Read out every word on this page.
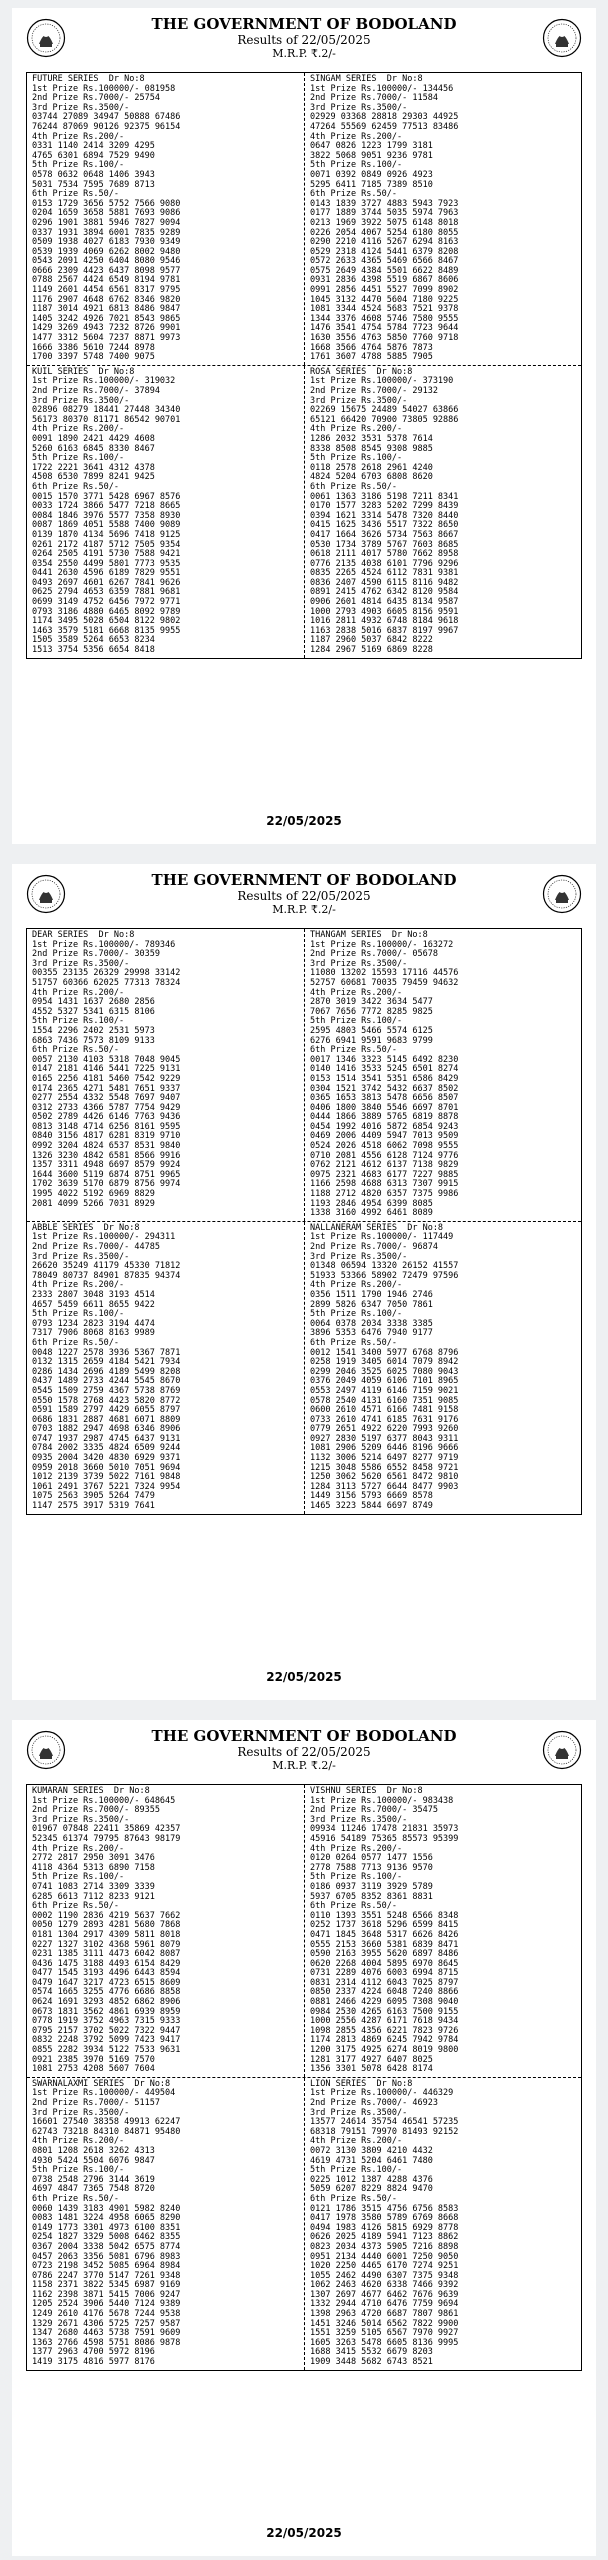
THE GOVERNMENT OF BODOLAND
Results of 22/05/2025
M.R.P. ₹.2/-
FUTURE SERIES  Dr No:8
1st Prize Rs.100000/- 081958
2nd Prize Rs.7000/- 25754
3rd Prize Rs.3500/-
03744 27089 34947 50888 67486
76244 87069 90126 92375 96154
4th Prize Rs.200/-
0331 1140 2414 3209 4295
4765 6301 6894 7529 9490
5th Prize Rs.100/-
0578 0632 0648 1406 3943
5031 7534 7595 7689 8713
6th Prize Rs.50/-
0153 1729 3656 5752 7566 9080
0204 1659 3658 5881 7693 9086
0296 1901 3881 5946 7827 9094
0337 1931 3894 6001 7835 9289
0509 1938 4027 6183 7930 9349
0539 1939 4069 6262 8002 9480
0543 2091 4250 6404 8080 9546
0666 2309 4423 6437 8098 9577
0788 2567 4424 6549 8194 9781
1149 2601 4454 6561 8317 9795
1176 2907 4648 6762 8346 9820
1187 3014 4921 6813 8486 9847
1405 3242 4926 7021 8543 9865
1429 3269 4943 7232 8726 9901
1477 3312 5604 7237 8871 9973
1666 3386 5610 7244 8978
1700 3397 5748 7400 9075
SINGAM SERIES  Dr No:8
1st Prize Rs.100000/- 134456
2nd Prize Rs.7000/- 11584
3rd Prize Rs.3500/-
02929 03368 28818 29303 44925
47264 55569 62459 77513 83486
4th Prize Rs.200/-
0647 0826 1223 1799 3181
3822 5068 9051 9236 9781
5th Prize Rs.100/-
0071 0392 0849 0926 4923
5295 6411 7185 7389 8510
6th Prize Rs.50/-
0143 1839 3727 4883 5943 7923
0177 1889 3744 5035 5974 7963
0213 1969 3922 5075 6148 8018
0226 2054 4067 5254 6180 8055
0290 2210 4116 5267 6294 8163
0529 2318 4124 5441 6379 8208
0572 2633 4365 5469 6566 8467
0575 2649 4384 5501 6622 8489
0931 2836 4398 5519 6867 8606
0991 2856 4451 5527 7099 8902
1045 3132 4470 5604 7180 9225
1081 3344 4524 5683 7521 9378
1344 3376 4608 5746 7580 9555
1476 3541 4754 5784 7723 9644
1630 3556 4763 5850 7760 9718
1668 3566 4764 5876 7873
1761 3607 4788 5885 7905
KUIL SERIES  Dr No:8
1st Prize Rs.100000/- 319032
2nd Prize Rs.7000/- 37894
3rd Prize Rs.3500/-
02896 08279 18441 27448 34340
56173 80370 81171 86542 90701
4th Prize Rs.200/-
0091 1890 2421 4429 4608
5260 6163 6845 8330 8467
5th Prize Rs.100/-
1722 2221 3641 4312 4378
4508 6530 7899 8241 9425
6th Prize Rs.50/-
0015 1570 3771 5428 6967 8576
0033 1724 3866 5477 7218 8665
0084 1846 3976 5577 7358 8930
0087 1869 4051 5588 7400 9089
0139 1870 4134 5696 7418 9125
0261 2172 4187 5712 7505 9354
0264 2505 4191 5730 7588 9421
0354 2550 4499 5801 7773 9535
0441 2630 4596 6189 7829 9551
0493 2697 4601 6267 7841 9626
0625 2794 4653 6359 7881 9681
0699 3149 4752 6456 7972 9771
0793 3186 4880 6465 8092 9789
1174 3495 5028 6504 8122 9802
1463 3579 5181 6668 8135 9955
1505 3589 5264 6653 8234
1513 3754 5356 6654 8418
ROSA SERIES  Dr No:8
1st Prize Rs.100000/- 373190
2nd Prize Rs.7000/- 29132
3rd Prize Rs.3500/-
02269 15675 24489 54027 63866
65121 66420 70900 73805 92886
4th Prize Rs.200/-
1286 2032 3531 5378 7614
8338 8508 8545 9308 9885
5th Prize Rs.100/-
0118 2578 2618 2961 4240
4824 5204 6703 6808 8620
6th Prize Rs.50/-
0061 1363 3186 5198 7211 8341
0170 1577 3283 5202 7299 8439
0394 1621 3314 5478 7320 8440
0415 1625 3436 5517 7322 8650
0417 1664 3626 5734 7563 8667
0530 1734 3789 5767 7603 8685
0618 2111 4017 5780 7662 8958
0776 2135 4038 6101 7796 9296
0835 2265 4524 6112 7831 9381
0836 2407 4590 6115 8116 9482
0891 2415 4762 6342 8120 9584
0906 2601 4814 6435 8134 9587
1000 2793 4903 6605 8156 9591
1016 2811 4932 6748 8184 9618
1163 2838 5016 6837 8197 9967
1187 2960 5037 6842 8222
1284 2967 5169 6869 8228
22/05/2025
THE GOVERNMENT OF BODOLAND
Results of 22/05/2025
M.R.P. ₹.2/-
DEAR SERIES  Dr No:8
1st Prize Rs.100000/- 789346
2nd Prize Rs.7000/- 30359
3rd Prize Rs.3500/-
00355 23135 26329 29998 33142
51757 60366 62025 77313 78324
4th Prize Rs.200/-
0954 1431 1637 2680 2856
4552 5327 5341 6315 8106
5th Prize Rs.100/-
1554 2296 2402 2531 5973
6863 7436 7573 8109 9133
6th Prize Rs.50/-
0057 2130 4103 5318 7048 9045
0147 2181 4146 5441 7225 9131
0165 2256 4181 5460 7542 9229
0174 2365 4271 5481 7651 9337
0277 2554 4332 5548 7697 9407
0312 2733 4366 5787 7754 9429
0502 2789 4426 6146 7763 9436
0813 3148 4714 6256 8161 9595
0840 3156 4817 6281 8319 9710
0992 3204 4824 6537 8531 9840
1326 3230 4842 6581 8566 9916
1357 3311 4948 6697 8579 9924
1644 3600 5119 6874 8751 9965
1702 3639 5170 6879 8756 9974
1995 4022 5192 6969 8829
2081 4099 5266 7031 8929
THANGAM SERIES  Dr No:8
1st Prize Rs.100000/- 163272
2nd Prize Rs.7000/- 05678
3rd Prize Rs.3500/-
11080 13202 15593 17116 44576
52757 60681 70035 79459 94632
4th Prize Rs.200/-
2870 3019 3422 3634 5477
7067 7656 7772 8285 9825
5th Prize Rs.100/-
2595 4803 5466 5574 6125
6276 6941 9591 9683 9799
6th Prize Rs.50/-
0017 1346 3323 5145 6492 8230
0140 1416 3533 5245 6501 8274
0153 1514 3541 5351 6586 8429
0304 1521 3742 5432 6637 8502
0365 1653 3813 5478 6656 8507
0406 1800 3840 5546 6697 8701
0444 1866 3889 5765 6819 8878
0454 1992 4016 5872 6854 9243
0469 2006 4409 5947 7013 9509
0524 2026 4518 6062 7098 9555
0710 2081 4556 6128 7124 9776
0762 2121 4612 6137 7138 9829
0975 2321 4683 6177 7227 9885
1166 2598 4688 6313 7307 9915
1188 2712 4820 6357 7375 9986
1193 2846 4954 6399 8085
1338 3160 4992 6461 8089
ABBLE SERIES  Dr No:8
1st Prize Rs.100000/- 294311
2nd Prize Rs.7000/- 44785
3rd Prize Rs.3500/-
26620 35249 41179 45330 71812
78049 80737 84901 87835 94374
4th Prize Rs.200/-
2333 2807 3048 3193 4514
4657 5459 6611 8655 9422
5th Prize Rs.100/-
0793 1234 2823 3194 4474
7317 7906 8068 8163 9989
6th Prize Rs.50/-
0048 1227 2578 3936 5367 7871
0132 1315 2659 4184 5421 7934
0286 1434 2696 4189 5499 8208
0437 1489 2733 4244 5545 8670
0545 1509 2759 4367 5738 8769
0550 1578 2768 4423 5820 8772
0591 1589 2797 4429 6055 8797
0686 1831 2887 4681 6071 8809
0703 1882 2947 4698 6346 8906
0747 1937 2987 4745 6437 9131
0784 2002 3335 4824 6509 9244
0935 2004 3420 4830 6929 9371
0959 2018 3660 5010 7051 9694
1012 2139 3739 5022 7161 9848
1061 2491 3767 5221 7324 9954
1075 2563 3905 5264 7479
1147 2575 3917 5319 7641
NALLANERAM SERIES  Dr No:8
1st Prize Rs.100000/- 117449
2nd Prize Rs.7000/- 96874
3rd Prize Rs.3500/-
01348 06594 13320 26152 41557
51933 53366 58902 72479 97596
4th Prize Rs.200/-
0356 1511 1790 1946 2746
2899 5826 6347 7050 7861
5th Prize Rs.100/-
0064 0378 2034 3338 3385
3896 5353 6476 7940 9177
6th Prize Rs.50/-
0012 1541 3400 5977 6768 8796
0258 1919 3405 6014 7079 8942
0299 2046 3525 6025 7080 9043
0376 2049 4059 6106 7101 8965
0553 2497 4119 6146 7159 9021
0578 2540 4131 6160 7351 9085
0600 2610 4571 6166 7481 9158
0733 2610 4741 6185 7631 9176
0779 2651 4922 6220 7993 9260
0927 2830 5197 6377 8043 9311
1081 2906 5209 6446 8196 9666
1132 3006 5214 6497 8277 9719
1215 3048 5586 6552 8458 9721
1250 3062 5620 6561 8472 9810
1284 3113 5727 6644 8477 9903
1449 3156 5793 6669 8578
1465 3223 5844 6697 8749
22/05/2025
THE GOVERNMENT OF BODOLAND
Results of 22/05/2025
M.R.P. ₹.2/-
KUMARAN SERIES  Dr No:8
1st Prize Rs.100000/- 648645
2nd Prize Rs.7000/- 89355
3rd Prize Rs.3500/-
01967 07848 22411 35869 42357
52345 61374 79795 87643 98179
4th Prize Rs.200/-
2772 2817 2950 3091 3476
4118 4364 5313 6890 7158
5th Prize Rs.100/-
0741 1083 2714 3309 3339
6285 6613 7112 8233 9121
6th Prize Rs.50/-
0002 1190 2836 4219 5637 7662
0050 1279 2893 4281 5680 7868
0181 1304 2917 4309 5811 8018
0227 1327 3102 4368 5961 8079
0231 1385 3111 4473 6042 8087
0436 1475 3188 4493 6154 8429
0477 1545 3193 4496 6443 8594
0479 1647 3217 4723 6515 8609
0574 1665 3255 4776 6686 8858
0624 1691 3293 4852 6862 8906
0673 1831 3562 4861 6939 8959
0778 1919 3752 4963 7315 9333
0795 2157 3702 5022 7322 9447
0832 2248 3792 5099 7423 9417
0855 2282 3934 5122 7533 9631
0921 2385 3970 5169 7570
1081 2753 4208 5607 7604
VISHNU SERIES  Dr No:8
1st Prize Rs.100000/- 983438
2nd Prize Rs.7000/- 35475
3rd Prize Rs.3500/-
09934 11246 17478 21831 35973
45916 54189 75365 85573 95399
4th Prize Rs.200/-
0120 0264 0577 1477 1556
2778 7588 7713 9136 9570
5th Prize Rs.100/-
0186 0937 3119 3929 5789
5937 6705 8352 8361 8831
6th Prize Rs.50/-
0110 1393 3551 5248 6566 8348
0252 1737 3618 5296 6599 8415
0471 1845 3648 5317 6626 8426
0555 2153 3660 5381 6839 8471
0590 2163 3955 5620 6897 8486
0620 2268 4004 5895 6970 8645
0731 2289 4076 6003 6994 8715
0831 2314 4112 6043 7025 8797
0850 2337 4224 6048 7240 8866
0881 2466 4229 6095 7308 9040
0984 2530 4265 6163 7500 9155
1000 2556 4287 6171 7618 9434
1098 2855 4356 6221 7823 9726
1174 2813 4869 6245 7942 9784
1200 3175 4925 6274 8019 9800
1281 3177 4927 6407 8025
1356 3301 5078 6428 8174
SWARNALAXMI SERIES  Dr No:8
1st Prize Rs.100000/- 449504
2nd Prize Rs.7000/- 51157
3rd Prize Rs.3500/-
16601 27540 38358 49913 62247
62743 73218 84310 84871 95480
4th Prize Rs.200/-
0801 1208 2618 3262 4313
4930 5424 5504 6076 9847
5th Prize Rs.100/-
0738 2548 2796 3144 3619
4697 4847 7365 7548 8720
6th Prize Rs.50/-
0060 1439 3183 4901 5982 8240
0083 1481 3224 4958 6065 8290
0149 1773 3301 4973 6100 8351
0254 1827 3329 5008 6462 8355
0367 2004 3338 5042 6575 8774
0457 2063 3356 5081 6796 8983
0723 2198 3452 5085 6964 8984
0786 2247 3770 5147 7261 9348
1158 2371 3822 5345 6987 9169
1162 2398 3871 5415 7006 9247
1205 2524 3906 5440 7124 9389
1249 2610 4176 5678 7244 9538
1329 2671 4306 5725 7257 9587
1347 2680 4463 5738 7591 9609
1363 2766 4598 5751 8086 9878
1377 2963 4700 5972 8196
1419 3175 4816 5977 8176
LION SERIES  Dr No:8
1st Prize Rs.100000/- 446329
2nd Prize Rs.7000/- 46923
3rd Prize Rs.3500/-
13577 24614 35754 46541 57235
68318 79151 79970 81493 92152
4th Prize Rs.200/-
0072 3130 3809 4210 4432
4619 4731 5204 6461 7480
5th Prize Rs.100/-
0225 1012 1387 4288 4376
5059 6207 8229 8824 9470
6th Prize Rs.50/-
0121 1786 3515 4756 6756 8583
0417 1978 3580 5789 6769 8668
0494 1983 4126 5815 6929 8778
0626 2025 4189 5941 7123 8862
0823 2034 4373 5905 7216 8898
0951 2134 4440 6001 7250 9050
1020 2250 4465 6170 7274 9251
1055 2462 4490 6307 7375 9348
1062 2463 4620 6338 7466 9392
1307 2697 4677 6462 7676 9639
1332 2944 4710 6476 7759 9694
1398 2963 4720 6687 7807 9861
1451 3246 5014 6562 7822 9900
1551 3259 5105 6567 7970 9927
1605 3263 5478 6605 8136 9995
1688 3415 5532 6679 8203
1909 3448 5682 6743 8521
22/05/2025
